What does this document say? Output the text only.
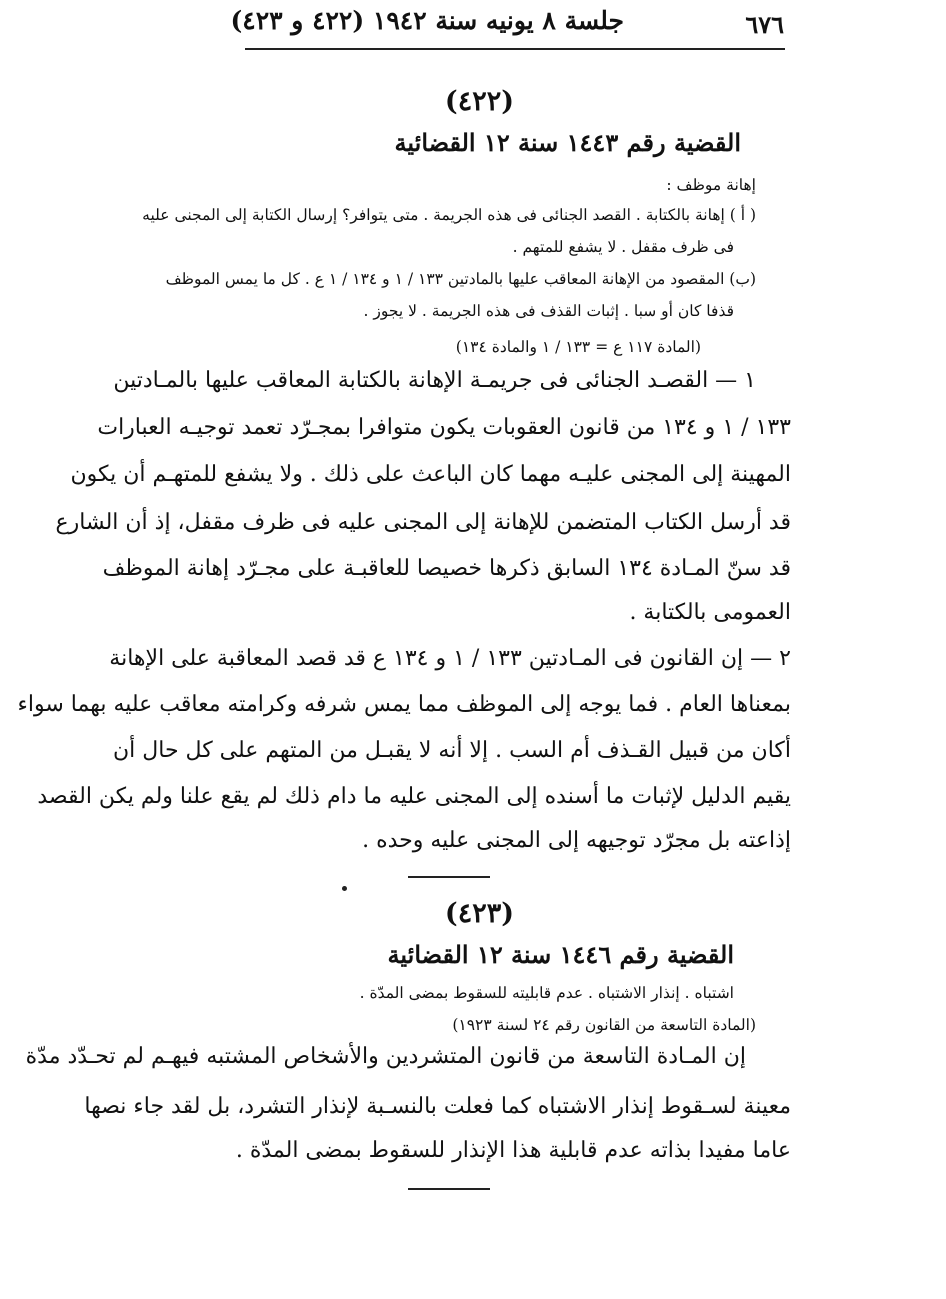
جلسة ٨ يونيه سنة ١٩٤٢ (٤٢٢ و ٤٢٣)	٦٧٦
(٤٢٢)
القضية رقم ١٤٤٣ سنة ١٢ القضائية
إهانة موظف :
( أ ) إهانة بالكتابة . القصد الجنائى فى هذه الجريمة . متى يتوافر؟ إرسال الكتابة إلى المجنى عليه
فى ظرف مقفل . لا يشفع للمتهم .
(ب) المقصود من الإهانة المعاقب عليها بالمادتين ١٣٣ / ١ و ١٣٤ / ١ ع . كل ما يمس الموظف
قذفا كان أو سبا . إثبات القذف فى هذه الجريمة . لا يجوز .
(المادة ١١٧ ع = ١٣٣ / ١ والمادة ١٣٤)
١ — القصـد الجنائى فى جريمـة الإهانة بالكتابة المعاقب عليها بالمـادتين
١٣٣ / ١ و ١٣٤ من قانون العقوبات يكون متوافرا بمجـرّد تعمد توجيـه العبارات
المهينة إلى المجنى عليـه مهما كان الباعث على ذلك . ولا يشفع للمتهـم أن يكون
قد أرسل الكتاب المتضمن للإهانة إلى المجنى عليه فى ظرف مقفل، إذ أن الشارع
قد سنّ المـادة ١٣٤ السابق ذكرها خصيصا للعاقبـة على مجـرّد إهانة الموظف
العمومى بالكتابة .
٢ — إن القانون فى المـادتين ١٣٣ / ١ و ١٣٤ ع قد قصد المعاقبة على الإهانة
بمعناها العام . فما يوجه إلى الموظف مما يمس شرفه وكرامته معاقب عليه بهما سواء
أكان من قبيل القـذف أم السب . إلا أنه لا يقبـل من المتهم على كل حال أن
يقيم الدليل لإثبات ما أسنده إلى المجنى عليه ما دام ذلك لم يقع علنا ولم يكن القصد
إذاعته بل مجرّد توجيهه إلى المجنى عليه وحده .
(٤٢٣)
القضية رقم ١٤٤٦ سنة ١٢ القضائية
اشتباه . إنذار الاشتباه . عدم قابليته للسقوط بمضى المدّة .
(المادة التاسعة من القانون رقم ٢٤ لسنة ١٩٢٣)
إن المـادة التاسعة من قانون المتشردين والأشخاص المشتبه فيهـم لم تحـدّد مدّة
معينة لسـقوط إنذار الاشتباه كما فعلت بالنسـبة لإنذار التشرد، بل لقد جاء نصها
عاما مفيدا بذاته عدم قابلية هذا الإنذار للسقوط بمضى المدّة .
